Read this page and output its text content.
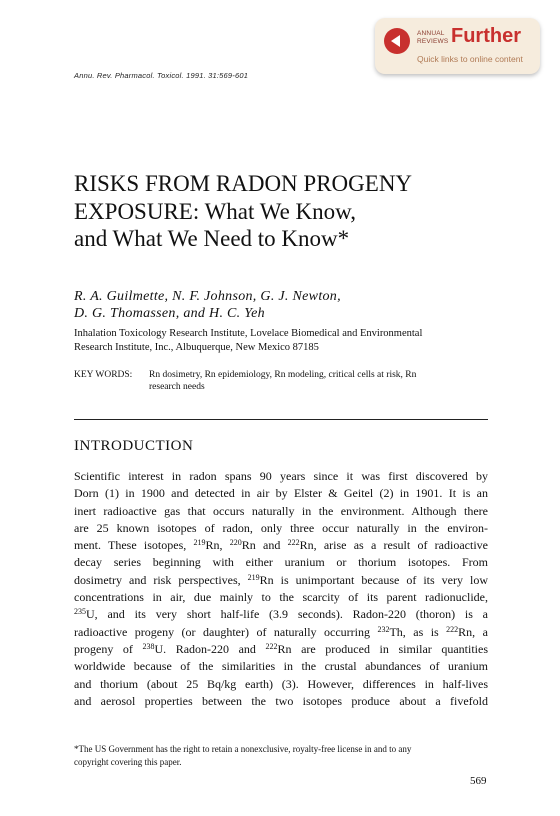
ANNUAL
REVIEWS Further
Quick links to online content
Annu. Rev. Pharmacol. Toxicol. 1991. 31:569-601
RISKS FROM RADON PROGENY
EXPOSURE: What We Know,
and What We Need to Know*
R. A. Guilmette, N. F. Johnson, G. J. Newton,
D. G. Thomassen, and H. C. Yeh
Inhalation Toxicology Research Institute, Lovelace Biomedical and Environmental
Research Institute, Inc., Albuquerque, New Mexico 87185
KEY WORDS: Rn dosimetry, Rn epidemiology, Rn modeling, critical cells at risk, Rn
research needs
INTRODUCTION
Scientific interest in radon spans 90 years since it was first discovered by
Dorn (1) in 1900 and detected in air by Elster & Geitel (2) in 1901. It is an
inert radioactive gas that occurs naturally in the environment. Although there
are 25 known isotopes of radon, only three occur naturally in the environ-
ment. These isotopes, $^{219}$Rn, $^{220}$Rn and $^{222}$Rn, arise as a result of radioactive
decay series beginning with either uranium or thorium isotopes. From
dosimetry and risk perspectives, $^{219}$Rn is unimportant because of its very low
concentrations in air, due mainly to the scarcity of its parent radionuclide,
$^{235}$U, and its very short half-life (3.9 seconds). Radon-220 (thoron) is a
radioactive progeny (or daughter) of naturally occurring $^{232}$Th, as is $^{222}$Rn, a
progeny of $^{238}$U. Radon-220 and $^{222}$Rn are produced in similar quantities
worldwide because of the similarities in the crustal abundances of uranium
and thorium (about 25 Bq/kg earth) (3). However, differences in half-lives
and aerosol properties between the two isotopes produce about a fivefold
*The US Government has the right to retain a nonexclusive, royalty-free license in and to any
copyright covering this paper.
569
